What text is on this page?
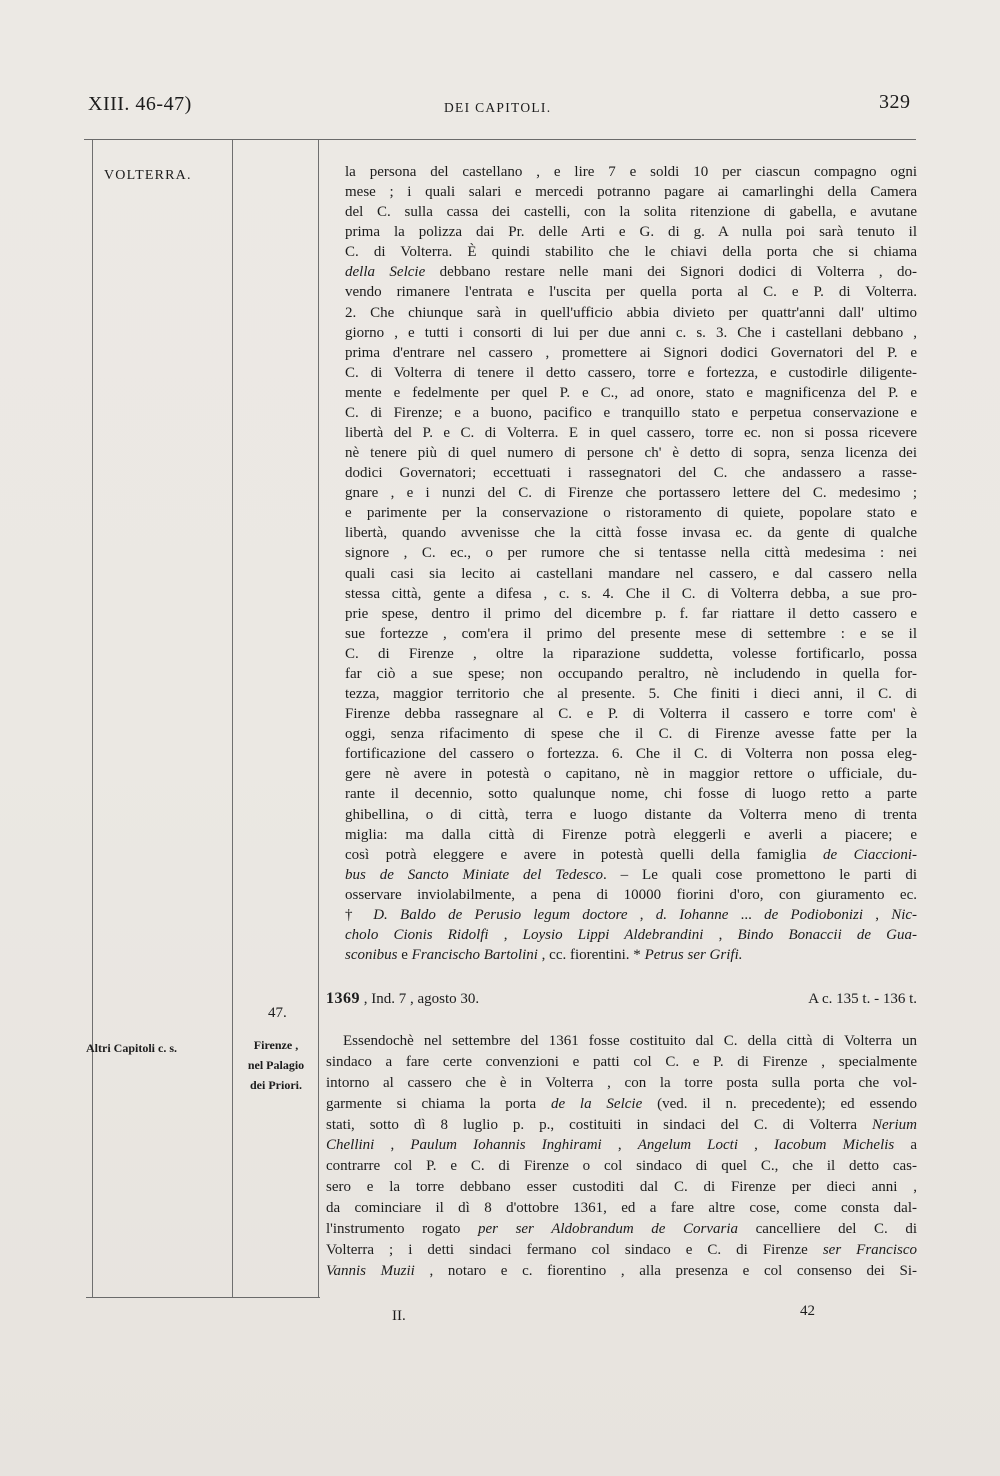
XIII. 46-47)	DEI CAPITOLI.	329
VOLTERRA.	la persona del castellano , e lire 7 e soldi 10 per ciascun compagno ogni
mese ; i quali salari e mercedi potranno pagare ai camarlinghi della Camera
del C. sulla cassa dei castelli, con la solita ritenzione di gabella, e avutane
prima la polizza dai Pr. delle Arti e G. di g. A nulla poi sarà tenuto il
C. di Volterra. È quindi stabilito che le chiavi della porta che si chiama
della Selcie debbano restare nelle mani dei Signori dodici di Volterra , do-
vendo rimanere l'entrata e l'uscita per quella porta al C. e P. di Volterra.
2. Che chiunque sarà in quell'ufficio abbia divieto per quattr'anni dall' ultimo
giorno , e tutti i consorti di lui per due anni c. s. 3. Che i castellani debbano ,
prima d'entrare nel cassero , promettere ai Signori dodici Governatori del P. e
C. di Volterra di tenere il detto cassero, torre e fortezza, e custodirle diligente-
mente e fedelmente per quel P. e C., ad onore, stato e magnificenza del P. e
C. di Firenze; e a buono, pacifico e tranquillo stato e perpetua conservazione e
libertà del P. e C. di Volterra. E in quel cassero, torre ec. non si possa ricevere
nè tenere più di quel numero di persone ch' è detto di sopra, senza licenza dei
dodici Governatori; eccettuati i rassegnatori del C. che andassero a rasse-
gnare , e i nunzi del C. di Firenze che portassero lettere del C. medesimo ;
e parimente per la conservazione o ristoramento di quiete, popolare stato e
libertà, quando avvenisse che la città fosse invasa ec. da gente di qualche
signore , C. ec., o per rumore che si tentasse nella città medesima : nei
quali casi sia lecito ai castellani mandare nel cassero, e dal cassero nella
stessa città, gente a difesa , c. s. 4. Che il C. di Volterra debba, a sue pro-
prie spese, dentro il primo del dicembre p. f. far riattare il detto cassero e
sue fortezze , com'era il primo del presente mese di settembre : e se il
C. di Firenze , oltre la riparazione suddetta, volesse fortificarlo, possa
far ciò a sue spese; non occupando peraltro, nè includendo in quella for-
tezza, maggior territorio che al presente. 5. Che finiti i dieci anni, il C. di
Firenze debba rassegnare al C. e P. di Volterra il cassero e torre com' è
oggi, senza rifacimento di spese che il C. di Firenze avesse fatte per la
fortificazione del cassero o fortezza. 6. Che il C. di Volterra non possa eleg-
gere nè avere in potestà o capitano, nè in maggior rettore o ufficiale, du-
rante il decennio, sotto qualunque nome, chi fosse di luogo retto a parte
ghibellina, o di città, terra e luogo distante da Volterra meno di trenta
miglia: ma dalla città di Firenze potrà eleggerli e averli a piacere; e
così potrà eleggere e avere in potestà quelli della famiglia de Ciaccioni-
bus de Sancto Miniate del Tedesco. – Le quali cose promettono le parti di
osservare inviolabilmente, a pena di 10000 fiorini d'oro, con giuramento ec.
† D. Baldo de Perusio legum doctore , d. Iohanne ... de Podiobonizi , Nic-
cholo Cionis Ridolfi , Loysio Lippi Aldebrandini , Bindo Bonaccii de Gua-
sconibus e Francischo Bartolini , cc. fiorentini. * Petrus ser Grifi.
1369 , Ind. 7 , agosto 30.	A c. 135 t. - 136 t.
47.
Altri Capitoli c. s.	Firenze ,
nel Palagio
dei Priori.
Essendochè nel settembre del 1361 fosse costituito dal C. della città di Volterra un
sindaco a fare certe convenzioni e patti col C. e P. di Firenze , specialmente
intorno al cassero che è in Volterra , con la torre posta sulla porta che vol-
garmente si chiama la porta de la Selcie (ved. il n. precedente); ed essendo
stati, sotto dì 8 luglio p. p., costituiti in sindaci del C. di Volterra Nerium
Chellini , Paulum Iohannis Inghirami , Angelum Locti , Iacobum Michelis a
contrarre col P. e C. di Firenze o col sindaco di quel C., che il detto cas-
sero e la torre debbano esser custoditi dal C. di Firenze per dieci anni ,
da cominciare il dì 8 d'ottobre 1361, ed a fare altre cose, come consta dal-
l'instrumento rogato per ser Aldobrandum de Corvaria cancelliere del C. di
Volterra ; i detti sindaci fermano col sindaco e C. di Firenze ser Francisco
Vannis Muzii , notaro e c. fiorentino , alla presenza e col consenso dei Si-
II.	42
